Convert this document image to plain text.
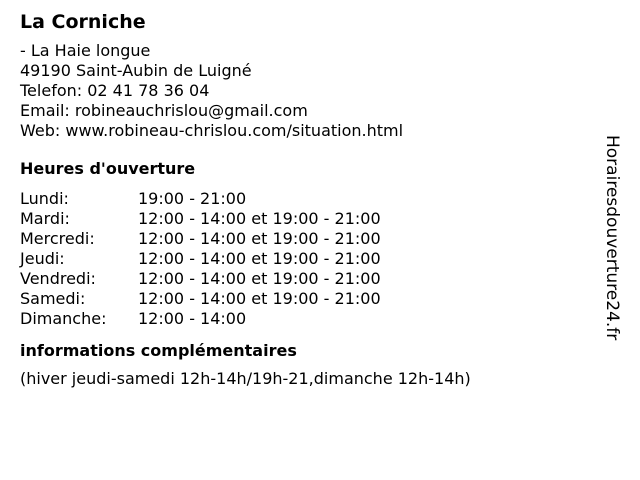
La Corniche
- La Haie longue
49190 Saint-Aubin de Luigné
Telefon: 02 41 78 36 04
Email: robineauchrislou@gmail.com
Web: www.robineau-chrislou.com/situation.html
Heures d'ouverture
Lundi:	19:00 - 21:00
Mardi:	12:00 - 14:00 et 19:00 - 21:00
Mercredi:	12:00 - 14:00 et 19:00 - 21:00
Jeudi:	12:00 - 14:00 et 19:00 - 21:00
Vendredi:	12:00 - 14:00 et 19:00 - 21:00
Samedi:	12:00 - 14:00 et 19:00 - 21:00
Dimanche:	12:00 - 14:00
informations complémentaires
(hiver jeudi-samedi 12h-14h/19h-21,dimanche 12h-14h)
Horairesdouverture24.fr
